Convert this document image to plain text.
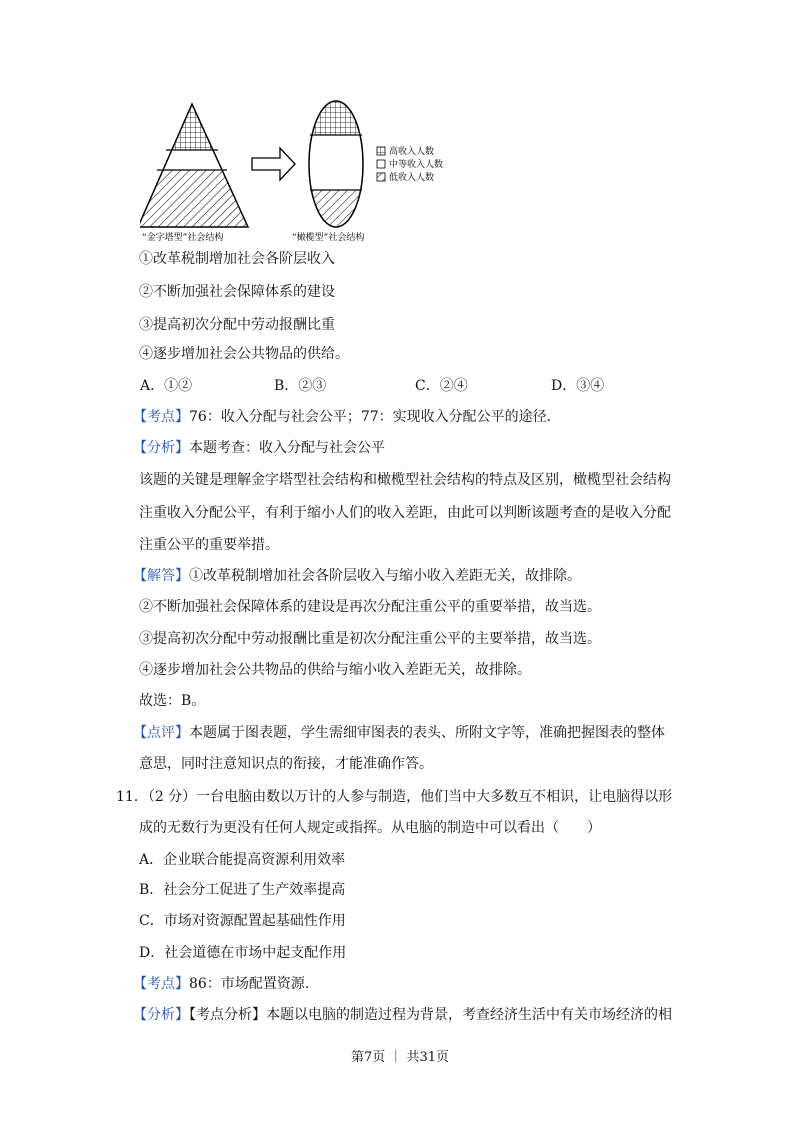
高收入人数
中等收入人数
低收入人数
“金字塔型”社会结构	“橄榄型”社会结构
①改革税制增加社会各阶层收入
②不断加强社会保障体系的建设
③提高初次分配中劳动报酬比重
④逐步增加社会公共物品的供给。
A．①②	B．②③	C．②④	D．③④
【考点】76：收入分配与社会公平；77：实现收入分配公平的途径.
【分析】本题考查：收入分配与社会公平
该题的关键是理解金字塔型社会结构和橄榄型社会结构的特点及区别，橄榄型社会结构
注重收入分配公平，有利于缩小人们的收入差距，由此可以判断该题考查的是收入分配
注重公平的重要举措。
【解答】①改革税制增加社会各阶层收入与缩小收入差距无关，故排除。
②不断加强社会保障体系的建设是再次分配注重公平的重要举措，故当选。
③提高初次分配中劳动报酬比重是初次分配注重公平的主要举措，故当选。
④逐步增加社会公共物品的供给与缩小收入差距无关，故排除。
故选：B。
【点评】本题属于图表题，学生需细审图表的表头、所附文字等，准确把握图表的整体
意思，同时注意知识点的衔接，才能准确作答。
11．（2 分）一台电脑由数以万计的人参与制造，他们当中大多数互不相识，让电脑得以形
成的无数行为更没有任何人规定或指挥。从电脑的制造中可以看出（　　）
A．企业联合能提高资源利用效率
B．社会分工促进了生产效率提高
C．市场对资源配置起基础性作用
D．社会道德在市场中起支配作用
【考点】86：市场配置资源.
【分析】【考点分析】本题以电脑的制造过程为背景，考查经济生活中有关市场经济的相
第7页 ｜ 共31页
